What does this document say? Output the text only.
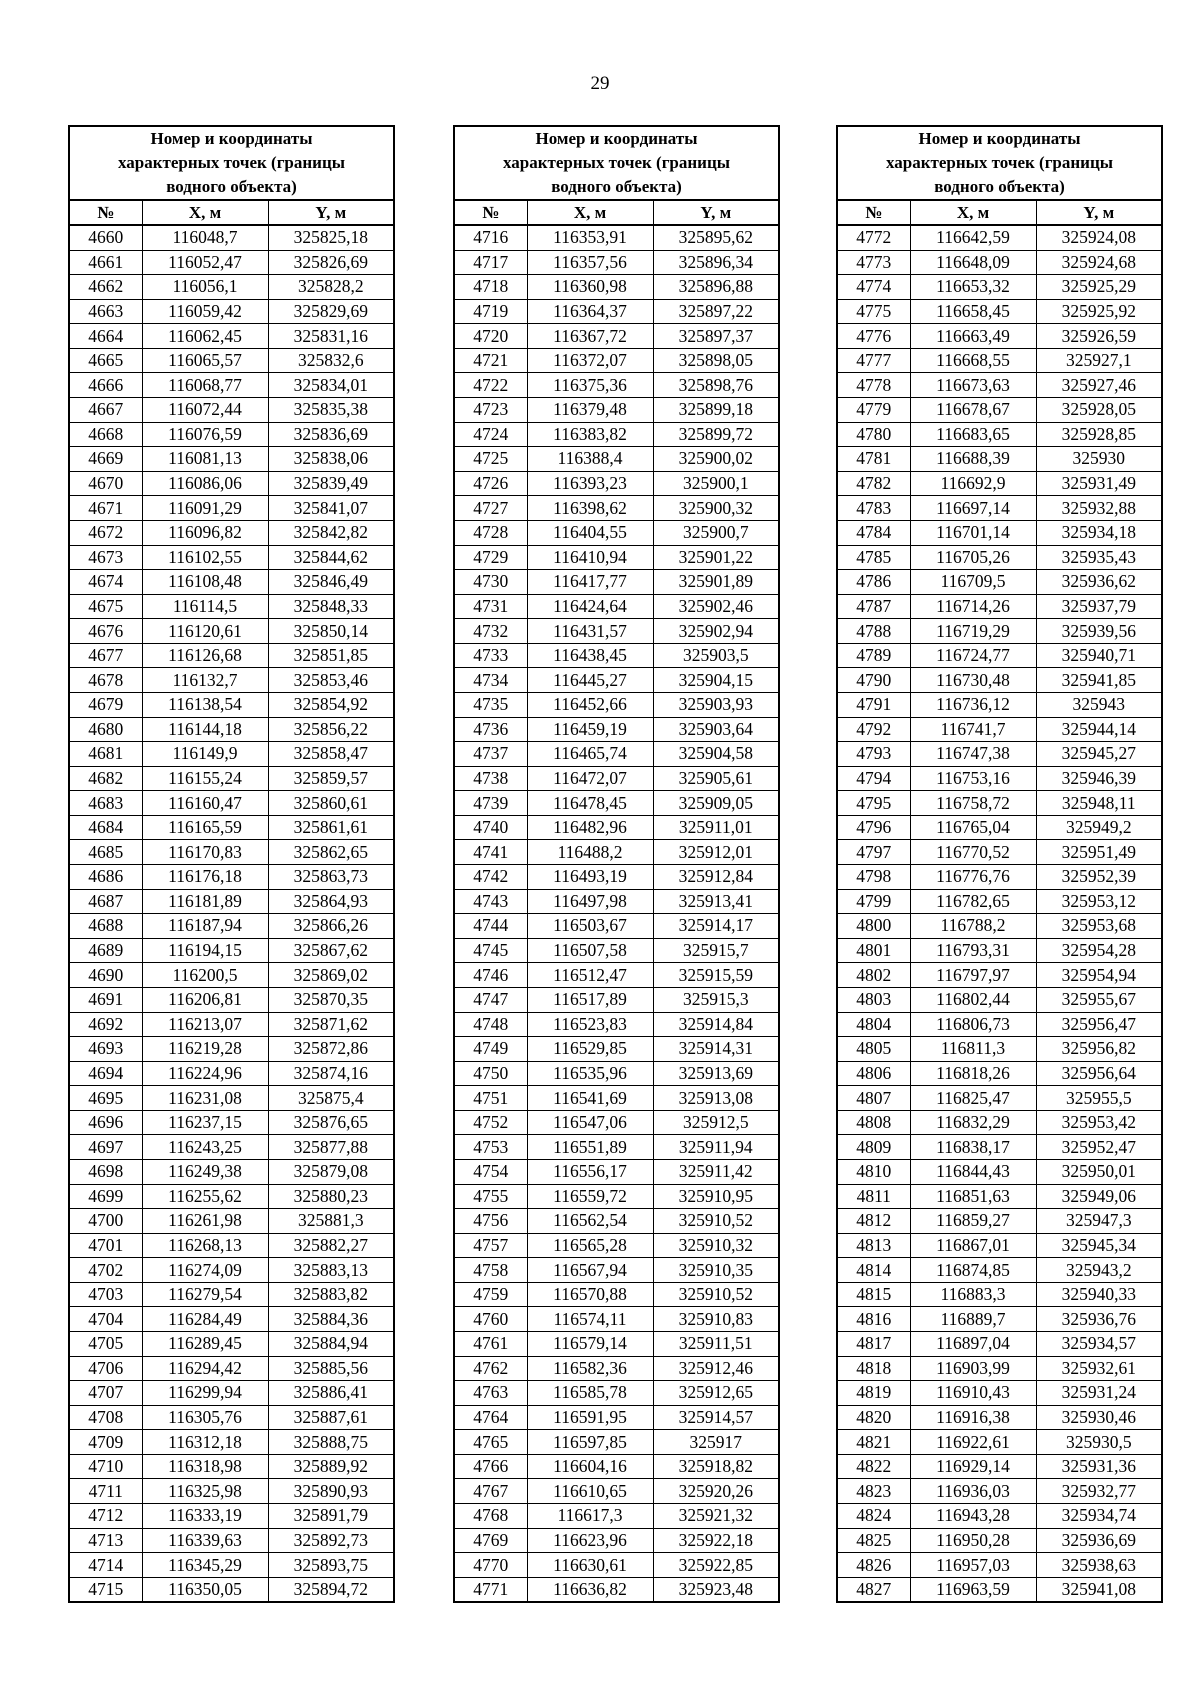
29
Номер и координаты
характерных точек (границы
водного объекта)		
№	X, м	Y, м
4660	116048,7	325825,18
4661	116052,47	325826,69
4662	116056,1	325828,2
4663	116059,42	325829,69
4664	116062,45	325831,16
4665	116065,57	325832,6
4666	116068,77	325834,01
4667	116072,44	325835,38
4668	116076,59	325836,69
4669	116081,13	325838,06
4670	116086,06	325839,49
4671	116091,29	325841,07
4672	116096,82	325842,82
4673	116102,55	325844,62
4674	116108,48	325846,49
4675	116114,5	325848,33
4676	116120,61	325850,14
4677	116126,68	325851,85
4678	116132,7	325853,46
4679	116138,54	325854,92
4680	116144,18	325856,22
4681	116149,9	325858,47
4682	116155,24	325859,57
4683	116160,47	325860,61
4684	116165,59	325861,61
4685	116170,83	325862,65
4686	116176,18	325863,73
4687	116181,89	325864,93
4688	116187,94	325866,26
4689	116194,15	325867,62
4690	116200,5	325869,02
4691	116206,81	325870,35
4692	116213,07	325871,62
4693	116219,28	325872,86
4694	116224,96	325874,16
4695	116231,08	325875,4
4696	116237,15	325876,65
4697	116243,25	325877,88
4698	116249,38	325879,08
4699	116255,62	325880,23
4700	116261,98	325881,3
4701	116268,13	325882,27
4702	116274,09	325883,13
4703	116279,54	325883,82
4704	116284,49	325884,36
4705	116289,45	325884,94
4706	116294,42	325885,56
4707	116299,94	325886,41
4708	116305,76	325887,61
4709	116312,18	325888,75
4710	116318,98	325889,92
4711	116325,98	325890,93
4712	116333,19	325891,79
4713	116339,63	325892,73
4714	116345,29	325893,75
4715	116350,05	325894,72
Номер и координаты
характерных точек (границы
водного объекта)		
№	X, м	Y, м
4716	116353,91	325895,62
4717	116357,56	325896,34
4718	116360,98	325896,88
4719	116364,37	325897,22
4720	116367,72	325897,37
4721	116372,07	325898,05
4722	116375,36	325898,76
4723	116379,48	325899,18
4724	116383,82	325899,72
4725	116388,4	325900,02
4726	116393,23	325900,1
4727	116398,62	325900,32
4728	116404,55	325900,7
4729	116410,94	325901,22
4730	116417,77	325901,89
4731	116424,64	325902,46
4732	116431,57	325902,94
4733	116438,45	325903,5
4734	116445,27	325904,15
4735	116452,66	325903,93
4736	116459,19	325903,64
4737	116465,74	325904,58
4738	116472,07	325905,61
4739	116478,45	325909,05
4740	116482,96	325911,01
4741	116488,2	325912,01
4742	116493,19	325912,84
4743	116497,98	325913,41
4744	116503,67	325914,17
4745	116507,58	325915,7
4746	116512,47	325915,59
4747	116517,89	325915,3
4748	116523,83	325914,84
4749	116529,85	325914,31
4750	116535,96	325913,69
4751	116541,69	325913,08
4752	116547,06	325912,5
4753	116551,89	325911,94
4754	116556,17	325911,42
4755	116559,72	325910,95
4756	116562,54	325910,52
4757	116565,28	325910,32
4758	116567,94	325910,35
4759	116570,88	325910,52
4760	116574,11	325910,83
4761	116579,14	325911,51
4762	116582,36	325912,46
4763	116585,78	325912,65
4764	116591,95	325914,57
4765	116597,85	325917
4766	116604,16	325918,82
4767	116610,65	325920,26
4768	116617,3	325921,32
4769	116623,96	325922,18
4770	116630,61	325922,85
4771	116636,82	325923,48
Номер и координаты
характерных точек (границы
водного объекта)		
№	X, м	Y, м
4772	116642,59	325924,08
4773	116648,09	325924,68
4774	116653,32	325925,29
4775	116658,45	325925,92
4776	116663,49	325926,59
4777	116668,55	325927,1
4778	116673,63	325927,46
4779	116678,67	325928,05
4780	116683,65	325928,85
4781	116688,39	325930
4782	116692,9	325931,49
4783	116697,14	325932,88
4784	116701,14	325934,18
4785	116705,26	325935,43
4786	116709,5	325936,62
4787	116714,26	325937,79
4788	116719,29	325939,56
4789	116724,77	325940,71
4790	116730,48	325941,85
4791	116736,12	325943
4792	116741,7	325944,14
4793	116747,38	325945,27
4794	116753,16	325946,39
4795	116758,72	325948,11
4796	116765,04	325949,2
4797	116770,52	325951,49
4798	116776,76	325952,39
4799	116782,65	325953,12
4800	116788,2	325953,68
4801	116793,31	325954,28
4802	116797,97	325954,94
4803	116802,44	325955,67
4804	116806,73	325956,47
4805	116811,3	325956,82
4806	116818,26	325956,64
4807	116825,47	325955,5
4808	116832,29	325953,42
4809	116838,17	325952,47
4810	116844,43	325950,01
4811	116851,63	325949,06
4812	116859,27	325947,3
4813	116867,01	325945,34
4814	116874,85	325943,2
4815	116883,3	325940,33
4816	116889,7	325936,76
4817	116897,04	325934,57
4818	116903,99	325932,61
4819	116910,43	325931,24
4820	116916,38	325930,46
4821	116922,61	325930,5
4822	116929,14	325931,36
4823	116936,03	325932,77
4824	116943,28	325934,74
4825	116950,28	325936,69
4826	116957,03	325938,63
4827	116963,59	325941,08
